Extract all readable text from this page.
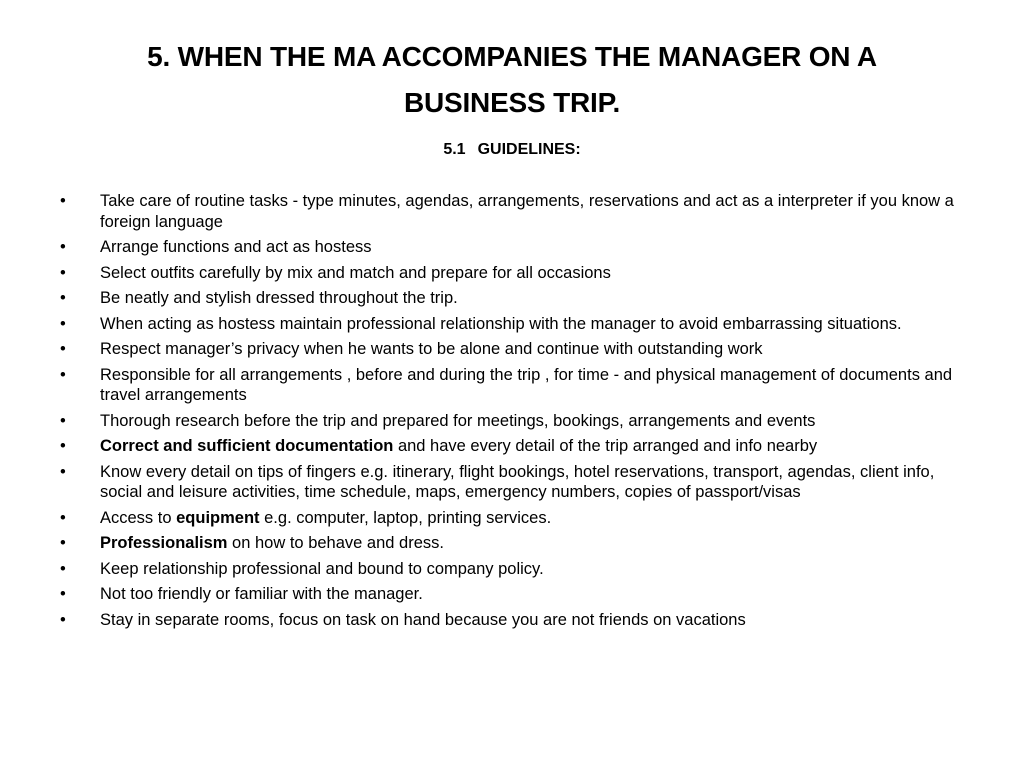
5. WHEN THE MA ACCOMPANIES THE MANAGER ON A BUSINESS TRIP.
5.1 GUIDELINES:
• Take care of routine tasks - type minutes, agendas, arrangements, reservations and act as a interpreter if you know a foreign language
• Arrange functions and act as hostess
• Select outfits carefully by mix and match and prepare for all occasions
• Be neatly and stylish dressed throughout the trip.
• When acting as hostess maintain professional relationship with the manager to avoid embarrassing situations.
• Respect manager’s privacy when he wants to be alone and continue with outstanding work
• Responsible for all arrangements , before and during the trip , for time - and physical management of documents and travel arrangements
• Thorough research before the trip and prepared for meetings, bookings, arrangements and events
• Correct and sufficient documentation and have every detail of the trip arranged and info nearby
• Know every detail on tips of fingers e.g. itinerary, flight bookings, hotel reservations, transport, agendas, client info, social and leisure activities, time schedule, maps, emergency numbers, copies of passport/visas
• Access to equipment e.g. computer, laptop, printing services.
• Professionalism on how to behave and dress.
• Keep relationship professional and bound to company policy.
• Not too friendly or familiar with the manager.
• Stay in separate rooms, focus on task on hand because you are not friends on vacations
